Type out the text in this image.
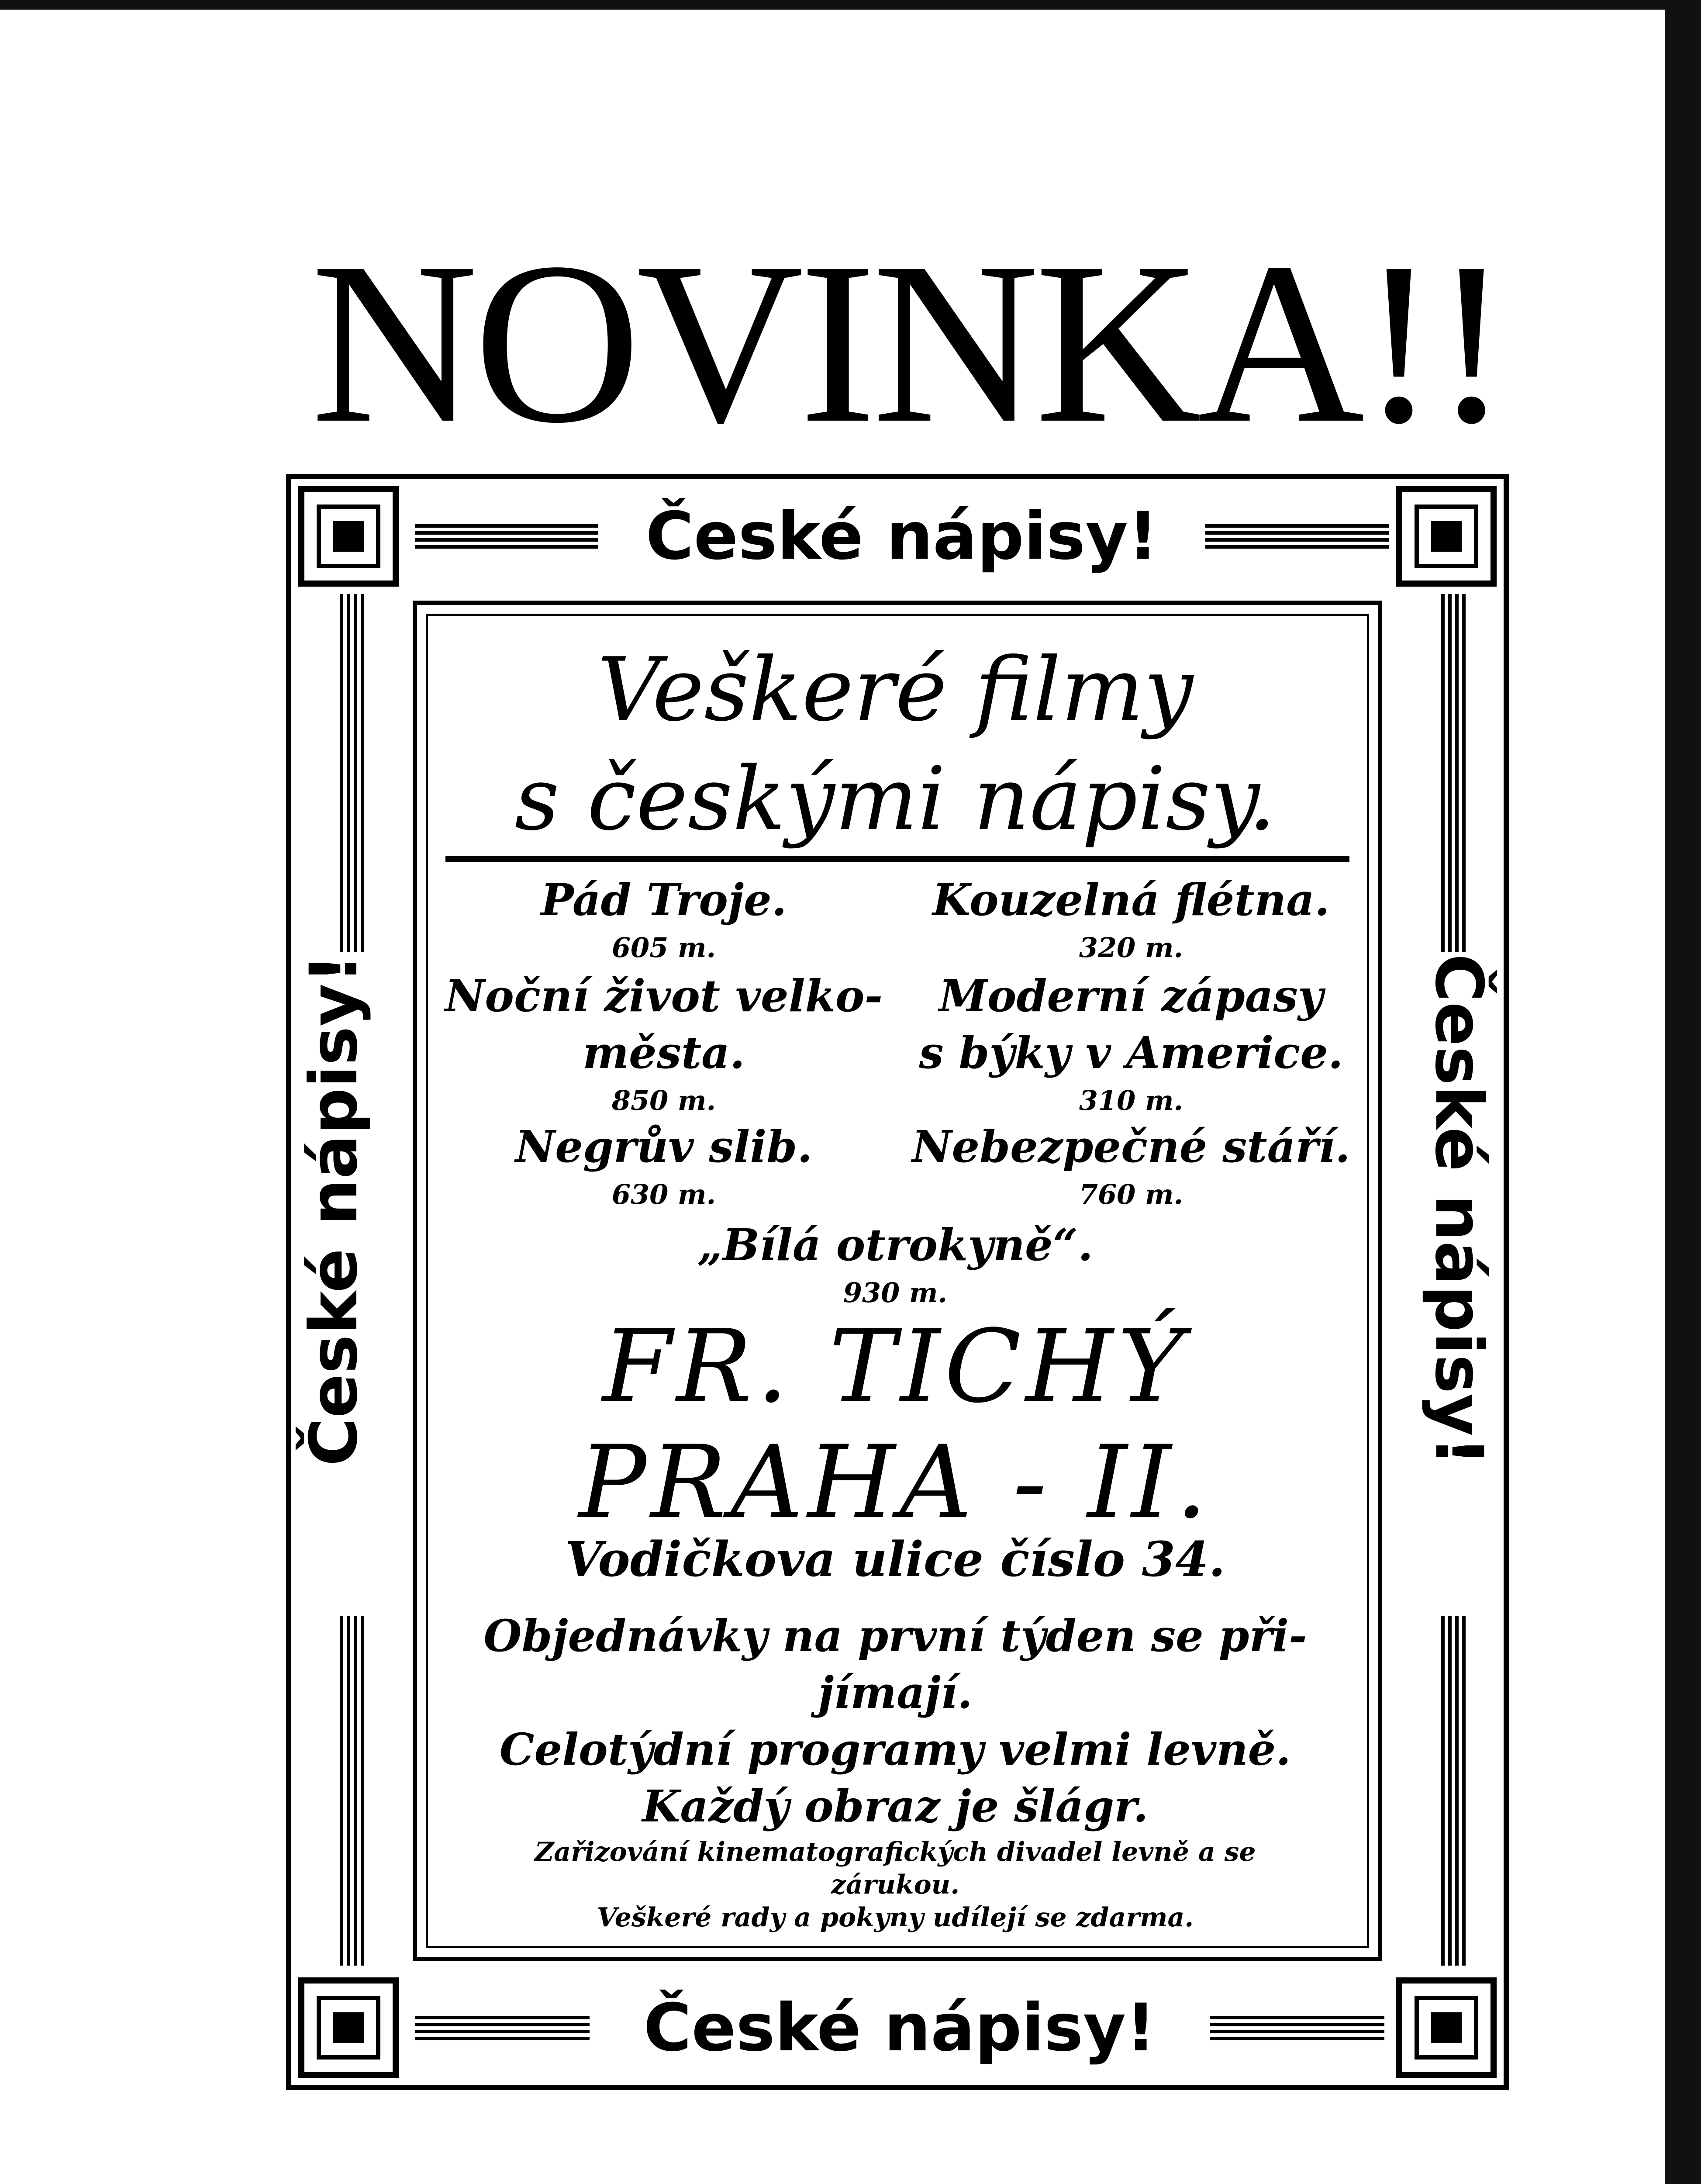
NOVINKA!!
České nápisy!
České nápisy!
České nápisy!	České nápisy!
Veškeré filmy
s českými nápisy.
Pád Troje.
605 m.
Noční život velko-
města.
850 m.
Negrův slib.
630 m.
Kouzelná flétna.
320 m.
Moderní zápasy
s býky v Americe.
310 m.
Nebezpečné stáří.
760 m.
„Bílá otrokyně“.
930 m.
FR. TICHÝ
PRAHA - II.
Vodičkova ulice číslo 34.
Objednávky na první týden se při-
jímají.
Celotýdní programy velmi levně.
Každý obraz je šlágr.
Zařizování kinematografických divadel levně a se
zárukou.
Veškeré rady a pokyny udílejí se zdarma.
